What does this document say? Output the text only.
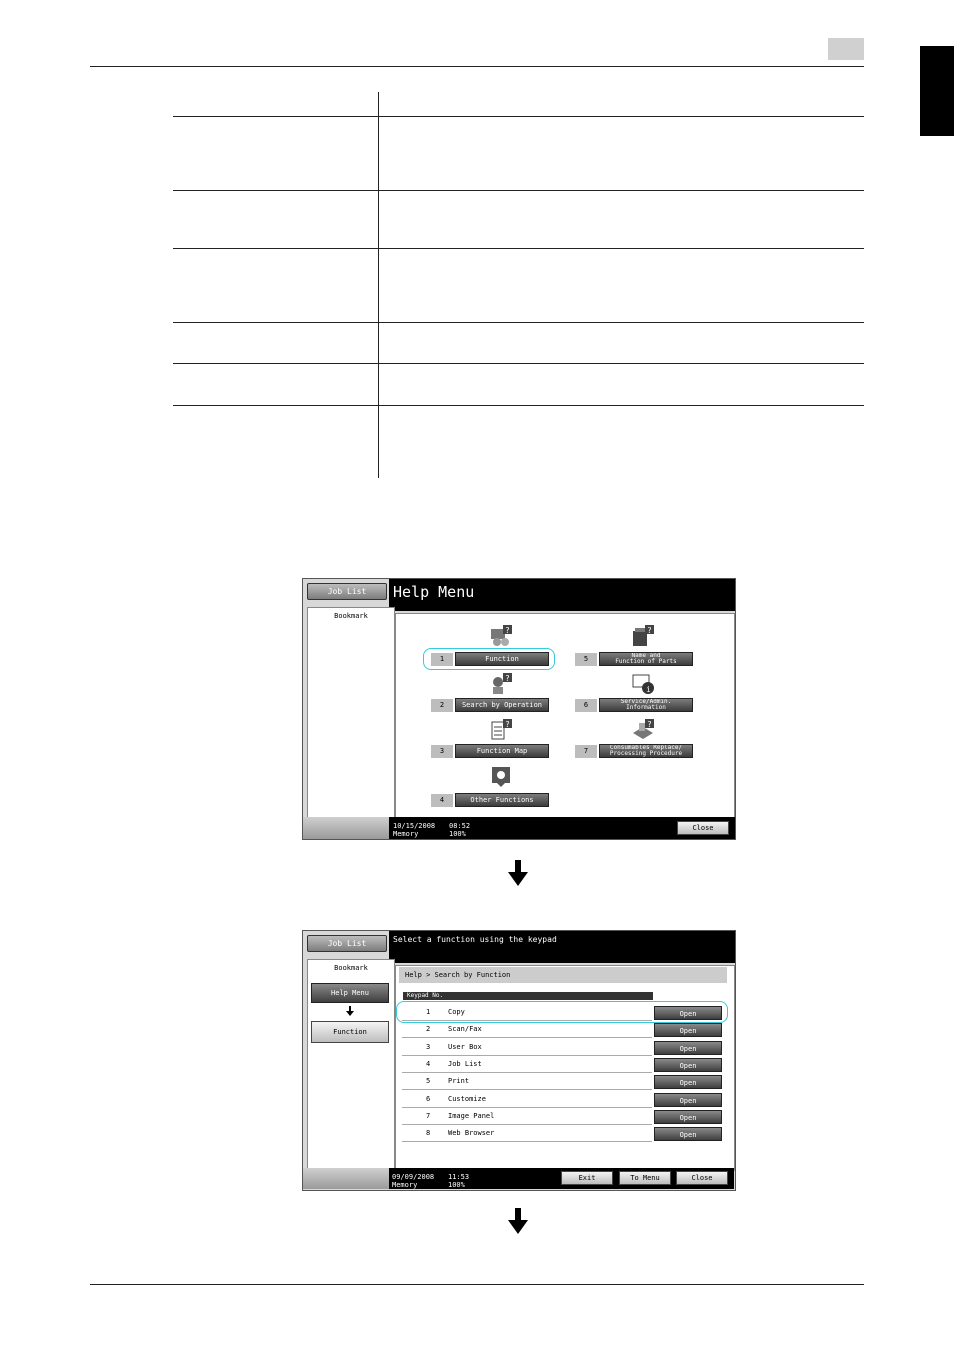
Help Menu
Job List
Bookmark
?
1	Function
?
2	Search by Operation
?
3	Function Map
4	Other Functions
?
5	Name and
Function of Parts
i
6	Service/Admin.
Information
?
7	Consumables Replace/
Processing Procedure
10/15/2008 08:52
Memory	100%
Close
Select a function using the keypad
Job List
Bookmark
Help Menu
Function
Help > Search by Function
Keypad No.
1	Copy	Open
2	Scan/Fax	Open
3	User Box	Open
4	Job List	Open
5	Print	Open
6	Customize	Open
7	Image Panel	Open
8	Web Browser	Open
09/09/2008 11:53
Memory	100%
Exit	To Menu	Close
